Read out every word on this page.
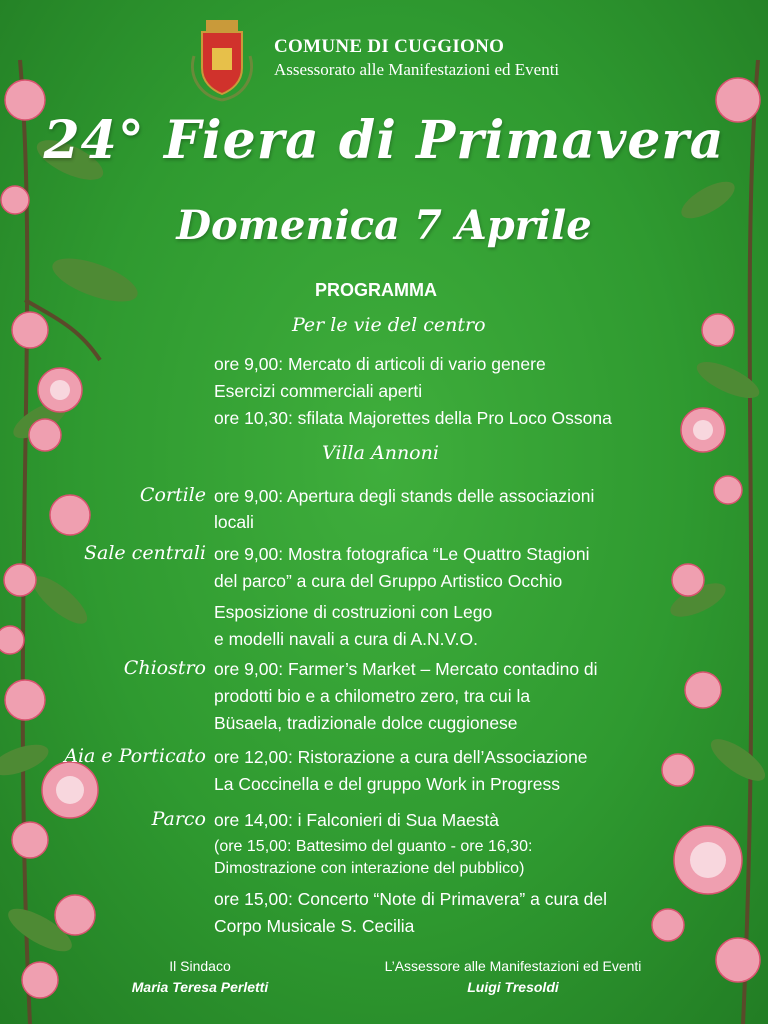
COMUNE DI CUGGIONO
Assessorato alle Manifestazioni ed Eventi
24° Fiera di Primavera
Domenica 7 Aprile
PROGRAMMA
Per le vie del centro
ore 9,00: Mercato di articoli di vario genere
Esercizi commerciali aperti
ore 10,30: sfilata Majorettes della Pro Loco Ossona
Villa Annoni
Cortile ore 9,00: Apertura degli stands delle associazioni
locali
Sale centrali ore 9,00: Mostra fotografica “Le Quattro Stagioni
del parco” a cura del Gruppo Artistico Occhio
Esposizione di costruzioni con Lego
e modelli navali a cura di A.N.V.O.
Chiostro ore 9,00: Farmer’s Market – Mercato contadino di
prodotti bio e a chilometro zero, tra cui la
Büsaela, tradizionale dolce cuggionese
Aia e Porticato ore 12,00: Ristorazione a cura dell’Associazione
La Coccinella e del gruppo Work in Progress
Parco ore 14,00: i Falconieri di Sua Maestà
(ore 15,00: Battesimo del guanto - ore 16,30:
Dimostrazione con interazione del pubblico)
ore 15,00: Concerto “Note di Primavera” a cura del
Corpo Musicale S. Cecilia
Il Sindaco
Maria Teresa Perletti
L’Assessore alle Manifestazioni ed Eventi
Luigi Tresoldi
